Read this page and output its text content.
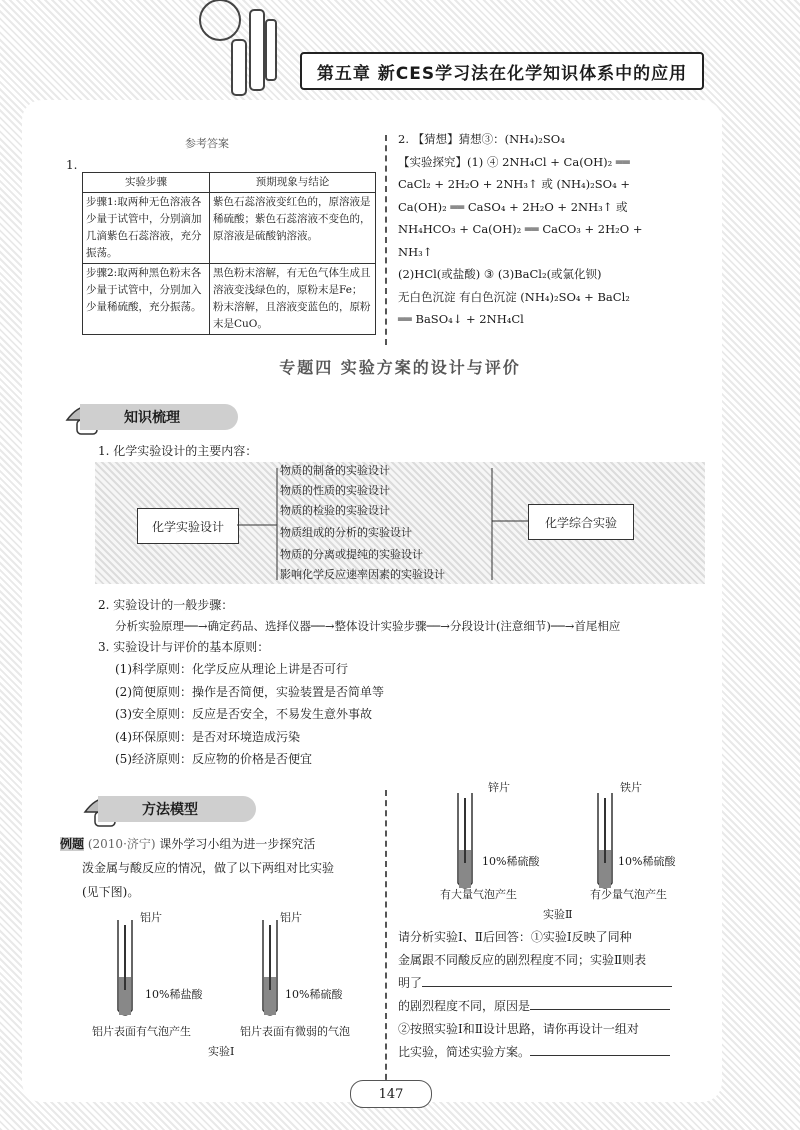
第五章 新CES学习法在化学知识体系中的应用
参考答案
1.
实验步骤	预期现象与结论
步骤1:取两种无色溶液各少量于试管中，分别滴加几滴紫色石蕊溶液，充分振荡。	紫色石蕊溶液变红色的，原溶液是稀硫酸；紫色石蕊溶液不变色的，原溶液是硫酸钠溶液。
步骤2:取两种黑色粉末各少量于试管中，分别加入少量稀硫酸，充分振荡。	黑色粉末溶解，有无色气体生成且溶液变浅绿色的，原粉末是Fe；粉末溶解，且溶液变蓝色的，原粉末是CuO。
2. 【猜想】猜想③：(NH₄)₂SO₄
【实验探究】(1) ④ 2NH₄Cl + Ca(OH)₂ ══
CaCl₂ + 2H₂O + 2NH₃↑ 或 (NH₄)₂SO₄ +
Ca(OH)₂ ══ CaSO₄ + 2H₂O + 2NH₃↑ 或
NH₄HCO₃ + Ca(OH)₂ ══ CaCO₃ + 2H₂O +
NH₃↑
(2)HCl(或盐酸) ③ (3)BaCl₂(或氯化钡)
无白色沉淀 有白色沉淀 (NH₄)₂SO₄ + BaCl₂
══ BaSO₄↓ + 2NH₄Cl
专题四 实验方案的设计与评价
知识梳理
1. 化学实验设计的主要内容：
化学实验设计	化学综合实验
物质的制备的实验设计
物质的性质的实验设计
物质的检验的实验设计
物质组成的分析的实验设计
物质的分离或提纯的实验设计
影响化学反应速率因素的实验设计
2. 实验设计的一般步骤：
分析实验原理──→确定药品、选择仪器──→整体设计实验步骤──→分段设计(注意细节)──→首尾相应
3. 实验设计与评价的基本原则：
(1)科学原则：化学反应从理论上讲是否可行
(2)简便原则：操作是否简便，实验装置是否简单等
(3)安全原则：反应是否安全，不易发生意外事故
(4)环保原则：是否对环境造成污染
(5)经济原则：反应物的价格是否便宜
方法模型
例题 (2010·济宁) 课外学习小组为进一步探究活
泼金属与酸反应的情况，做了以下两组对比实验
(见下图)。
铝片
10%稀盐酸
铝片表面有气泡产生
铝片
10%稀硫酸
铝片表面有微弱的气泡
实验Ⅰ
锌片
10%稀硫酸
有大量气泡产生
铁片
10%稀硫酸
有少量气泡产生
实验Ⅱ
请分析实验Ⅰ、Ⅱ后回答：①实验Ⅰ反映了同种
金属跟不同酸反应的剧烈程度不同；实验Ⅱ则表
明了
的剧烈程度不同，原因是
②按照实验Ⅰ和Ⅱ设计思路，请你再设计一组对
比实验，简述实验方案。
147
